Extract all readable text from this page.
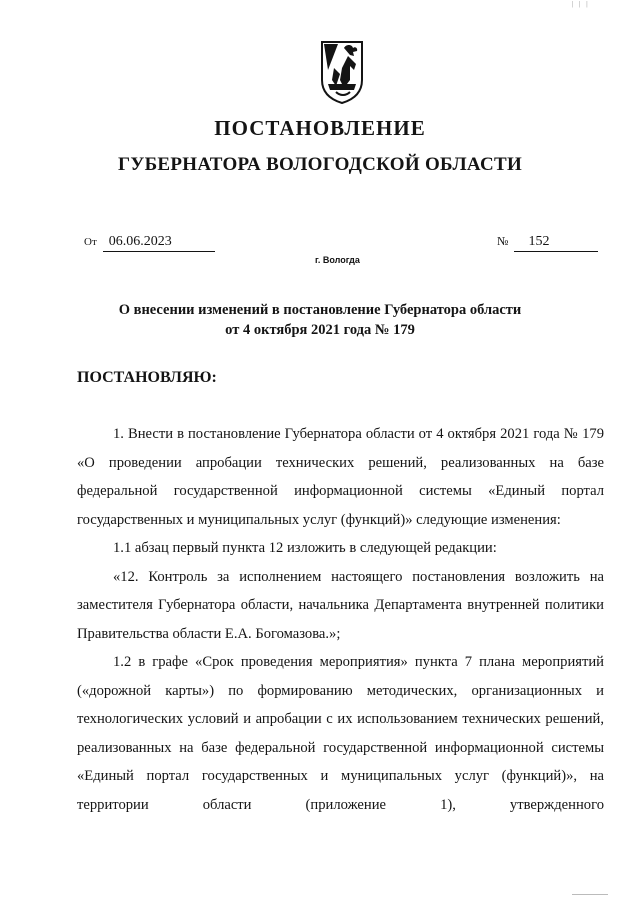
| | |
ПОСТАНОВЛЕНИЕ
ГУБЕРНАТОРА ВОЛОГОДСКОЙ ОБЛАСТИ
От 06.06.2023	№ 152
г. Вологда
О внесении изменений в постановление Губернатора области
от 4 октября 2021 года № 179
ПОСТАНОВЛЯЮ:

1. Внести в постановление Губернатора области от 4 октября 2021 года № 179 «О проведении апробации технических решений, реализованных на базе федеральной государственной информационной системы «Единый портал государственных и муниципальных услуг (функций)» следующие изменения:

1.1 абзац первый пункта 12 изложить в следующей редакции:

«12. Контроль за исполнением настоящего постановления возложить на заместителя Губернатора области, начальника Департамента внутренней политики Правительства области Е.А. Богомазова.»;

1.2 в графе «Срок проведения мероприятия» пункта 7 плана мероприятий («дорожной карты») по формированию методических, организационных и технологических условий и апробации с их использованием технических решений, реализованных на базе федеральной государственной информационной системы «Единый портал государственных и муниципальных услуг (функций)», на территории области (приложение 1), утвержденного
